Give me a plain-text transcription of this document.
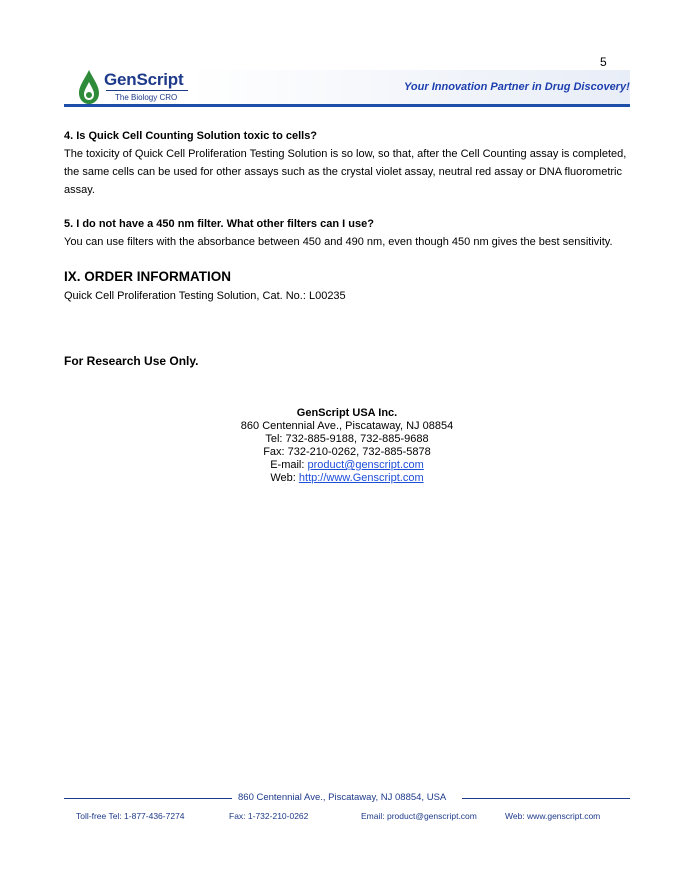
5
GenScript
The Biology CRO
Your Innovation Partner in Drug Discovery!
4. Is Quick Cell Counting Solution toxic to cells?
The toxicity of Quick Cell Proliferation Testing Solution is so low, so that, after the Cell Counting assay is completed, the same cells can be used for other assays such as the crystal violet assay, neutral red assay or DNA fluorometric assay.
5. I do not have a 450 nm filter. What other filters can I use?
You can use filters with the absorbance between 450 and 490 nm, even though 450 nm gives the best sensitivity.
IX. ORDER INFORMATION
Quick Cell Proliferation Testing Solution, Cat. No.: L00235
For Research Use Only.
GenScript USA Inc.
860 Centennial Ave., Piscataway, NJ 08854
Tel: 732-885-9188, 732-885-9688
Fax: 732-210-0262, 732-885-5878
E-mail: product@genscript.com
Web: http://www.Genscript.com
860 Centennial Ave., Piscataway, NJ 08854, USA
Toll-free Tel: 1-877-436-7274	Fax: 1-732-210-0262	Email: product@genscript.com	Web: www.genscript.com
